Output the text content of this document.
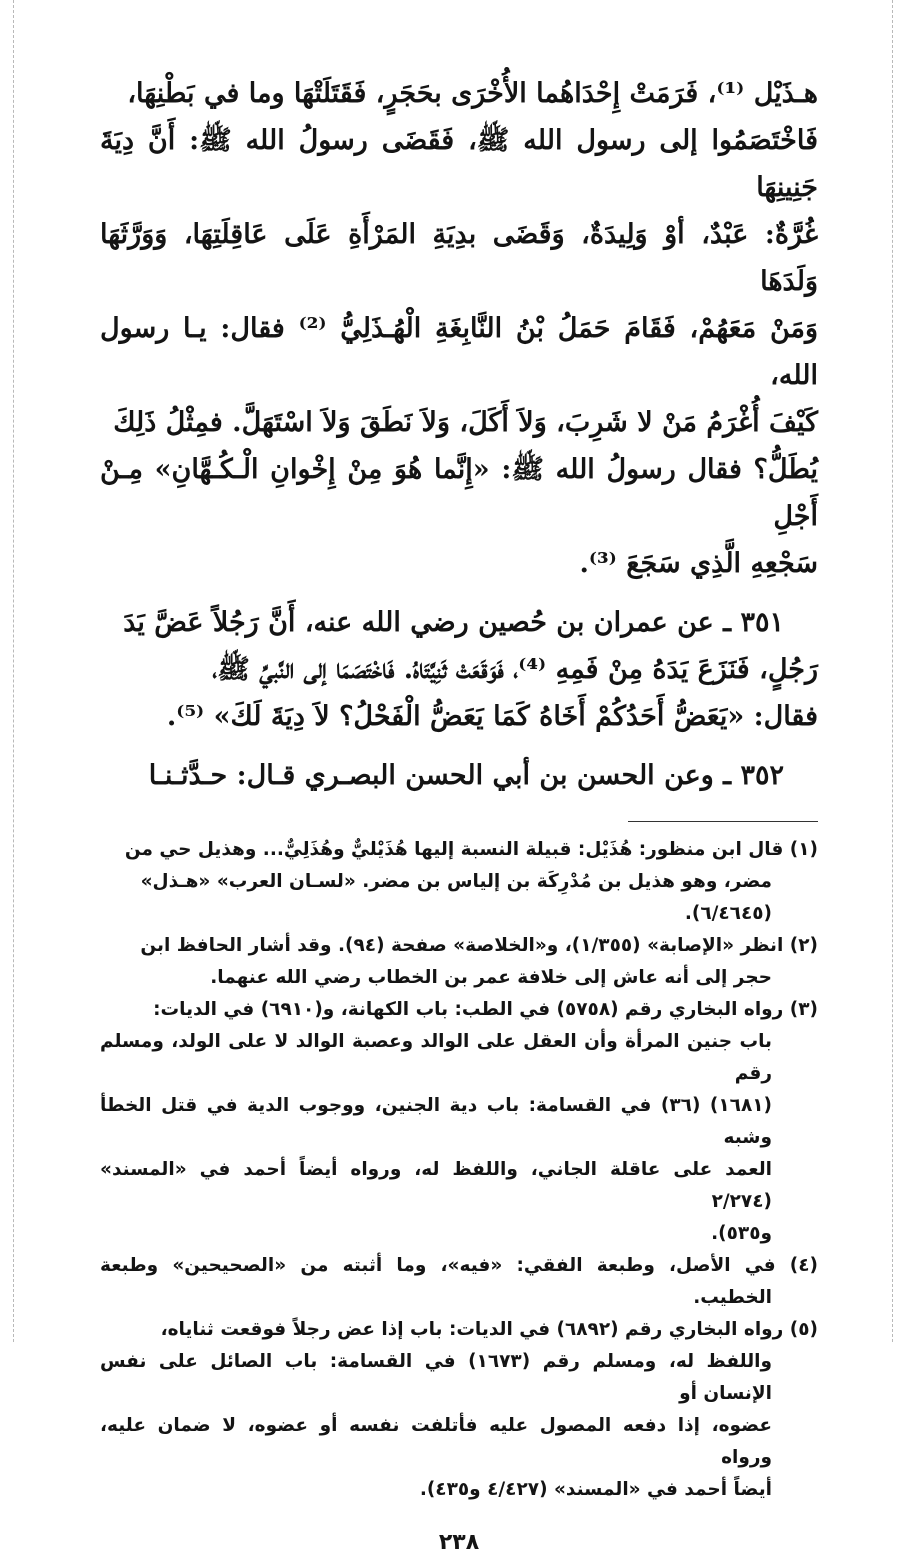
هـذَيْل ⁽¹⁾، فَرَمَتْ إِحْدَاهُما الأُخْرَى بحَجَرٍ، فَقَتَلَتْهَا وما في بَطْنِهَا،
فَاخْتَصَمُوا إلى رسول الله ﷺ، فَقَضَى رسولُ الله ﷺ: أَنَّ دِيَةَ جَنِينِهَا
غُرَّةٌ: عَبْدٌ، أوْ وَلِيدَةٌ، وَقَضَى بدِيَةِ المَرْأَةِ عَلَى عَاقِلَتِهَا، وَوَرَّثَهَا وَلَدَهَا
وَمَنْ مَعَهُمْ، فَقَامَ حَمَلُ بْنُ النَّابِغَةِ الْهُـذَلِيُّ ⁽²⁾ فقال: يـا رسول الله،
كَيْفَ أُغْرَمُ مَنْ لا شَرِبَ، وَلاَ أَكَلَ، وَلاَ نَطَقَ وَلاَ اسْتَهَلَّ. فمِثْلُ ذَلِكَ
يُطَلُّ؟ فقال رسولُ الله ﷺ: «إِنَّما هُوَ مِنْ إِخْوانِ الْـكُـهَّانِ» مِـنْ أَجْلِ
سَجْعِهِ الَّذِي سَجَعَ ⁽³⁾.

٣٥١ ـ عن عمران بن حُصين رضي الله عنه، أَنَّ رَجُلاً عَضَّ يَدَ
رَجُلٍ، فَنَزَعَ يَدَهُ مِنْ فَمِهِ ⁽⁴⁾، فَوَقَعَتْ ثَنِيَّتَاهُ. فَاخْتَصَمَا إلى النَّبيِّ ﷺ،
فقال: «يَعَضُّ أَحَدُكُمْ أَخَاهُ كَمَا يَعَضُّ الْفَحْلُ؟ لاَ دِيَةَ لَكَ» ⁽⁵⁾.

٣٥٢ ـ وعن الحسن بن أبي الحسن البصـري قـال: حـدَّثـنـا

(١) قال ابن منظور: هُذَيْل: قبيلة النسبة إليها هُذَيْليٌّ وهُذَلِيٌّ... وهذيل حي من
مضر، وهو هذيل بن مُدْرِكَة بن إلياس بن مضر. «لسـان العرب» «هـذل»
(٦/٤٦٤٥).

(٢) انظر «الإصابة» (١/٣٥٥)، و«الخلاصة» صفحة (٩٤). وقد أشار الحافظ ابن
حجر إلى أنه عاش إلى خلافة عمر بن الخطاب رضي الله عنهما.

(٣) رواه البخاري رقم (٥٧٥٨) في الطب: باب الكهانة، و(٦٩١٠) في الديات:
باب جنين المرأة وأن العقل على الوالد وعصبة الوالد لا على الولد، ومسلم رقم
(١٦٨١) (٣٦) في القسامة: باب دية الجنين، ووجوب الدية في قتل الخطأ وشبه
العمد على عاقلة الجاني، واللفظ له، ورواه أيضاً أحمد في «المسند» (٢/٢٧٤
و٥٣٥).

(٤) في الأصل، وطبعة الفقي: «فيه»، وما أثبته من «الصحيحين» وطبعة الخطيب.

(٥) رواه البخاري رقم (٦٨٩٢) في الديات: باب إذا عض رجلاً فوقعت ثناياه،
واللفظ له، ومسلم رقم (١٦٧٣) في القسامة: باب الصائل على نفس الإنسان أو
عضوه، إذا دفعه المصول عليه فأتلفت نفسه أو عضوه، لا ضمان عليه، ورواه
أيضاً أحمد في «المسند» (٤/٤٢٧ و٤٣٥).

٢٣٨
